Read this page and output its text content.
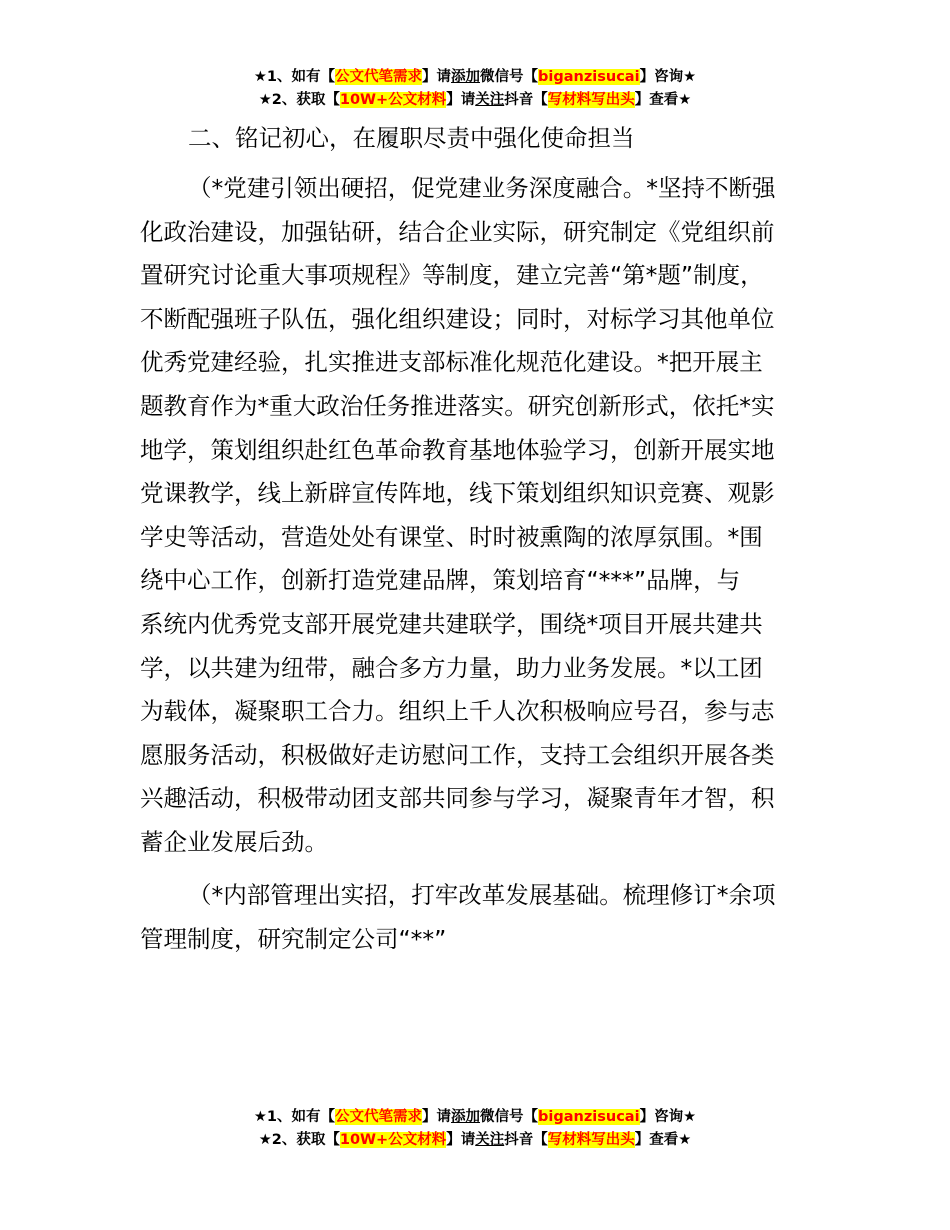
★1、如有【公文代笔需求】请添加微信号【biganzisucai】咨询★
★2、获取【10W+公文材料】请关注抖音【写材料写出头】查看★
二、铭记初心，在履职尽责中强化使命担当
（*党建引领出硬招，促党建业务深度融合。*坚持不断强
化政治建设，加强钻研，结合企业实际，研究制定《党组织前
置研究讨论重大事项规程》等制度，建立完善“第*题”制度，
不断配强班子队伍，强化组织建设；同时，对标学习其他单位
优秀党建经验，扎实推进支部标准化规范化建设。*把开展主
题教育作为*重大政治任务推进落实。研究创新形式，依托*实
地学，策划组织赴红色革命教育基地体验学习，创新开展实地
党课教学，线上新辟宣传阵地，线下策划组织知识竞赛、观影
学史等活动，营造处处有课堂、时时被熏陶的浓厚氛围。*围
绕中心工作，创新打造党建品牌，策划培育“***”品牌，与
系统内优秀党支部开展党建共建联学，围绕*项目开展共建共
学，以共建为纽带，融合多方力量，助力业务发展。*以工团
为载体，凝聚职工合力。组织上千人次积极响应号召，参与志
愿服务活动，积极做好走访慰问工作，支持工会组织开展各类
兴趣活动，积极带动团支部共同参与学习，凝聚青年才智，积
蓄企业发展后劲。
（*内部管理出实招，打牢改革发展基础。梳理修订*余项
管理制度，研究制定公司“**”
★1、如有【公文代笔需求】请添加微信号【biganzisucai】咨询★
★2、获取【10W+公文材料】请关注抖音【写材料写出头】查看★
